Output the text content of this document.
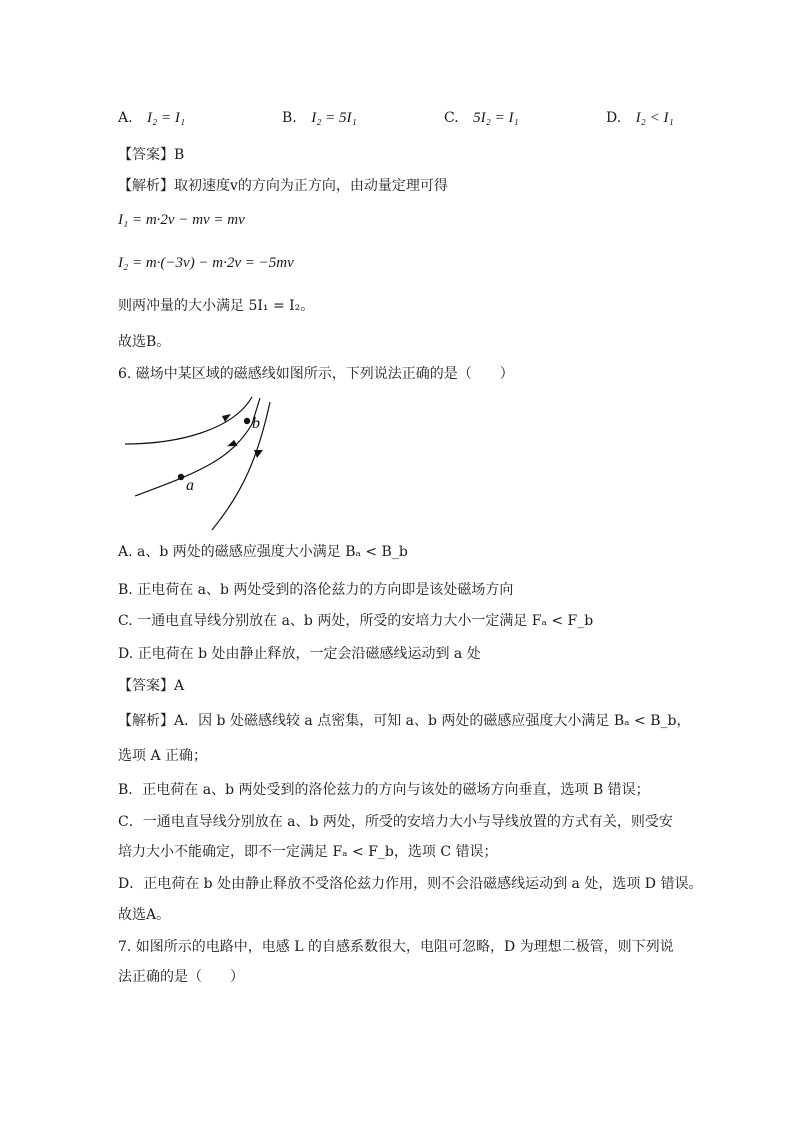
A. I₂ = I₁	B. I₂ = 5I₁	C. 5I₂ = I₁	D. I₂ < I₁
【答案】B
【解析】取初速度v的方向为正方向，由动量定理可得
I₁ = m·2v − mv = mv
I₂ = m·(−3v) − m·2v = −5mv
则两冲量的大小满足 5I₁ = I₂。
故选B。
6. 磁场中某区域的磁感线如图所示，下列说法正确的是（　　）
a
b
A. a、b 两处的磁感应强度大小满足 Bₐ < B_b
B. 正电荷在 a、b 两处受到的洛伦兹力的方向即是该处磁场方向
C. 一通电直导线分别放在 a、b 两处，所受的安培力大小一定满足 Fₐ < F_b
D. 正电荷在 b 处由静止释放，一定会沿磁感线运动到 a 处
【答案】A
【解析】A．因 b 处磁感线较 a 点密集，可知 a、b 两处的磁感应强度大小满足 Bₐ < B_b，
选项 A 正确；
B．正电荷在 a、b 两处受到的洛伦兹力的方向与该处的磁场方向垂直，选项 B 错误；
C．一通电直导线分别放在 a、b 两处，所受的安培力大小与导线放置的方式有关，则受安
培力大小不能确定，即不一定满足 Fₐ < F_b，选项 C 错误；
D．正电荷在 b 处由静止释放不受洛伦兹力作用，则不会沿磁感线运动到 a 处，选项 D 错误。
故选A。
7. 如图所示的电路中，电感 L 的自感系数很大，电阻可忽略，D 为理想二极管，则下列说
法正确的是（　　）
